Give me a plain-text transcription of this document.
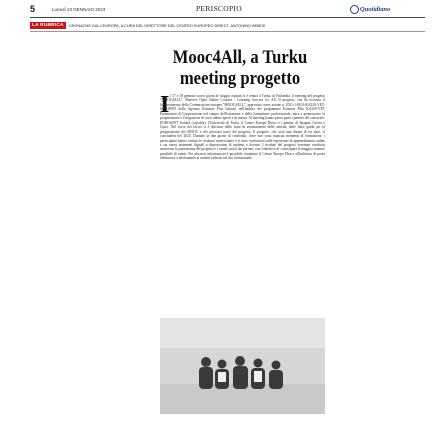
5	Lunedì 23 GENNAIO 2023	PERISCOPIO	Quotidiano
LA RUBRICA	CRONACHE DALL'EUROPA, A CURA DEL DIRETTORE DEL CENTRO EUROPEO DIRECT, ANTONINO IMBESI
Mooc4All, a Turku
meeting progetto
I l 17 e 18 gennaio scorsi giorni di viaggio ospitati si è tenuto a Turku, in Finlandia, il meeting del progetto "MOOC4ALL": Massive Open Online Courses - Learning Success for All. Il progetto, che ha ricevuto il finanziamento della Commissione europea "MOOC4ALL", approvato come azione n. 2021-1-IE01-KA220-VET-000028955 della Agenzia Erasmus Plus Ireland, nell'ambito del programma Erasmus Plus KA220-VET Partenariati di Cooperazione nel campo dell'istruzione e della formazione professionale, mira a promuovere la progettazione e l'erogazione di corsi online aperti e di massa. Al meeting hanno preso parte i partner del consorzio: EUROSOFT Ireland (capofila), l'Università di Turku, il Centro Europe Direct e i partner di Spagna, Grecia e Cipro. Nel corso dei lavori si è discusso dello stato di avanzamento delle attività, delle linee guida per la progettazione dei MOOC e dei prossimi passi del progetto. Il progetto, che avrà una durata di tre anni, si concluderà nel 2025. Durante la due giorni di confronto, dove non sono mancati momenti di formazione, i partecipanti hanno visitato le strutture universitarie e si sono confrontati sulle esperienze di apprendimento online e sui nuovi strumenti digitali a disposizione di studenti e docenti. I risultati del progetto verranno condivisi attraverso la piattaforma del progetto e i canali social dei partner, con l'obiettivo di coinvolgere il maggior numero possibile di utenti. Per ulteriori informazioni è possibile contattare il Centro Europe Direct all'indirizzo di posta elettronica o telefonando ai numeri indicati sul sito istituzionale.
